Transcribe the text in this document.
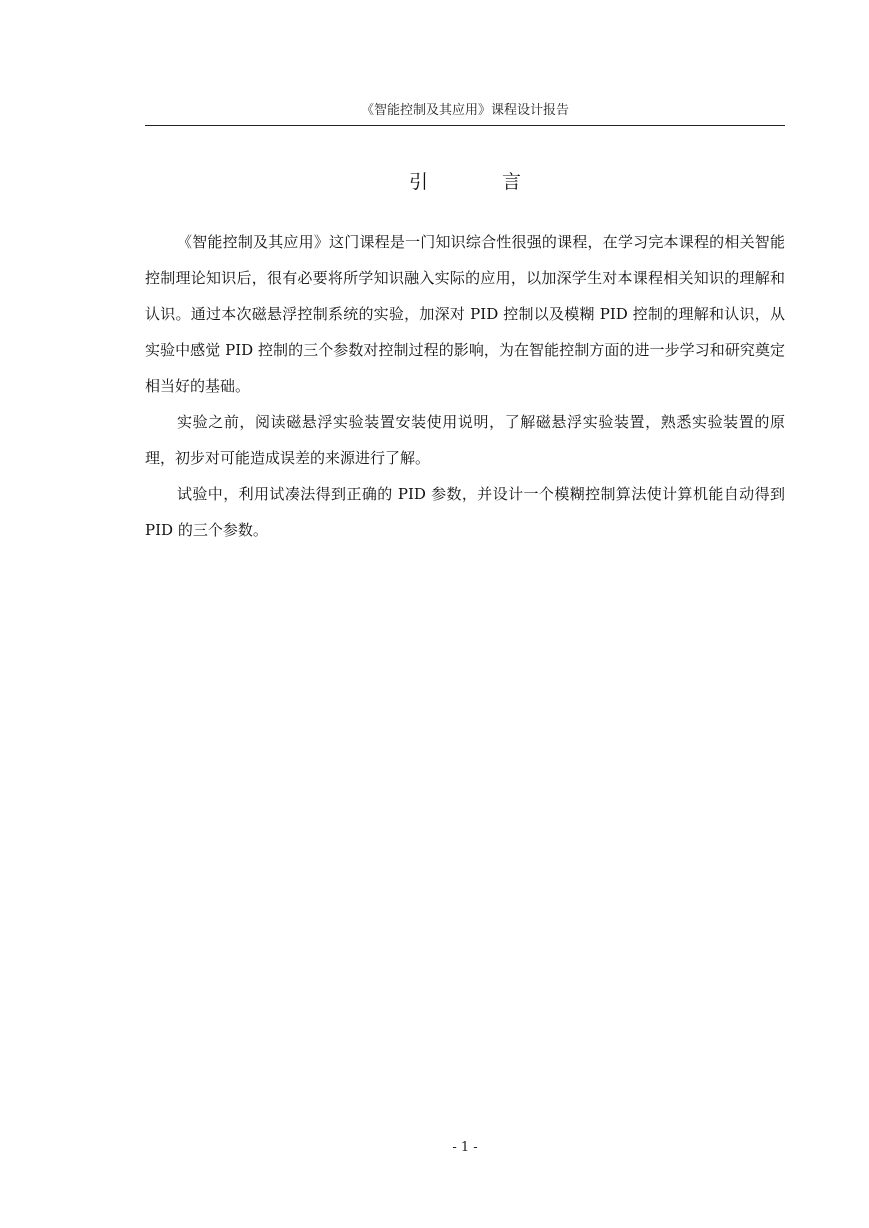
《智能控制及其应用》课程设计报告
引 言

《智能控制及其应用》这门课程是一门知识综合性很强的课程，在学习完本课程的相关智能控制理论知识后，很有必要将所学知识融入实际的应用，以加深学生对本课程相关知识的理解和认识。通过本次磁悬浮控制系统的实验，加深对 PID 控制以及模糊 PID 控制的理解和认识，从实验中感觉 PID 控制的三个参数对控制过程的影响，为在智能控制方面的进一步学习和研究奠定相当好的基础。

实验之前，阅读磁悬浮实验装置安装使用说明，了解磁悬浮实验装置，熟悉实验装置的原理，初步对可能造成误差的来源进行了解。

试验中，利用试凑法得到正确的 PID 参数，并设计一个模糊控制算法使计算机能自动得到 PID 的三个参数。

- 1 -
